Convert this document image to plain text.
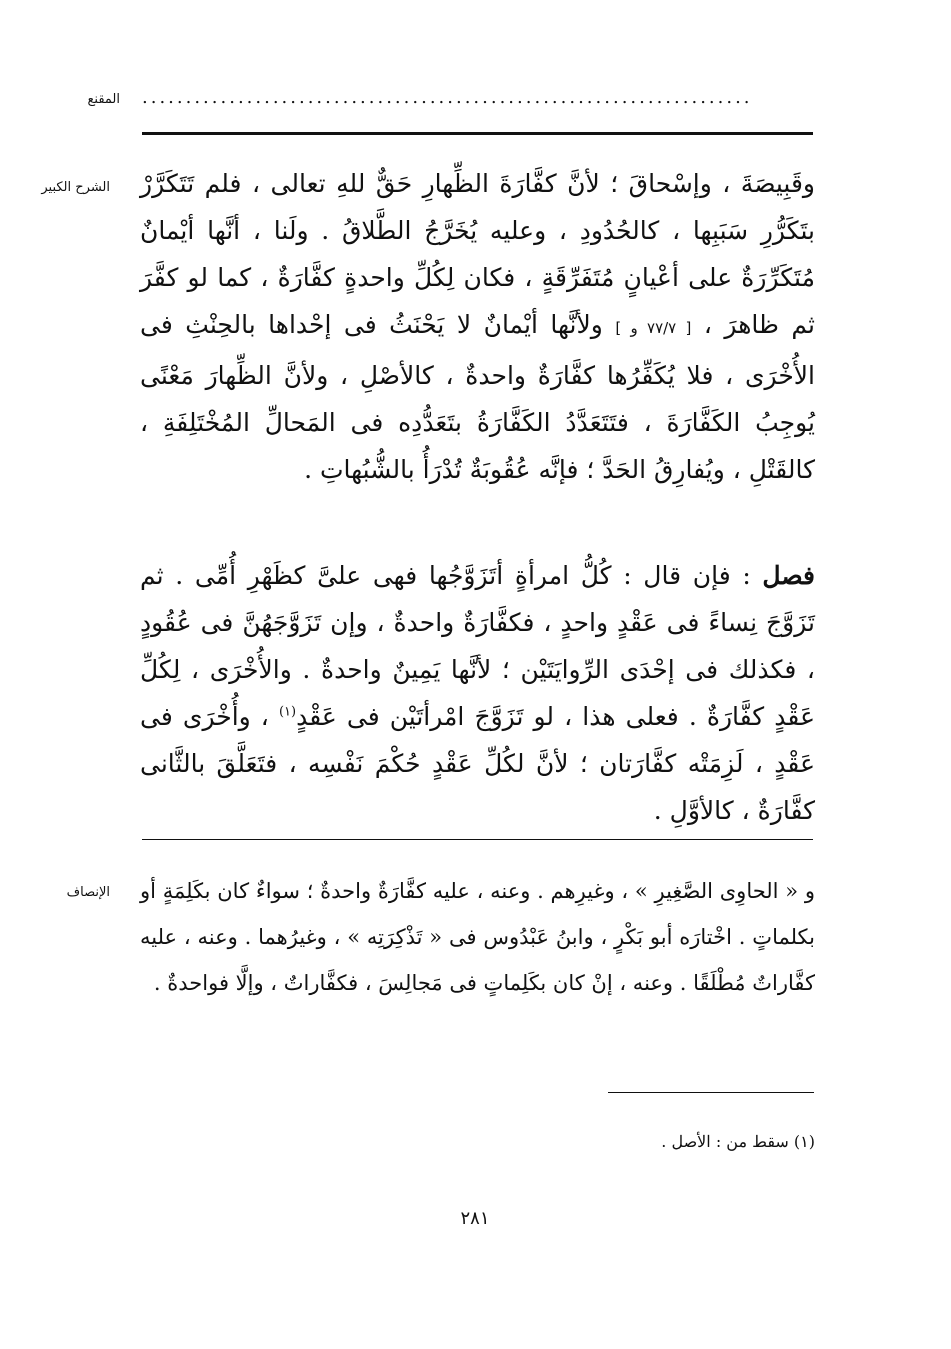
المقنع ......................................................................
الشرح الكبير
الإنصاف
وقَبِيصَةَ ، وإسْحاقَ ؛ لأنَّ كفَّارَةَ الظِّهارِ حَقٌّ للهِ تعالى ، فلم تَتَكَرَّرْ بتَكَرُّرِ سَبَبِها ، كالحُدُودِ ، وعليه يُخَرَّجُ الطَّلاقُ . ولَنا ، أنَّها أيْمانٌ مُتَكَرِّرَةٌ على أعْيانٍ مُتَفَرِّقَةٍ ، فكان لِكُلِّ واحدةٍ كفَّارَةٌ ، كما لو كفَّرَ ثم ظاهرَ ، [ ٧٧/٧ و ] ولأنَّها أيْمانٌ لا يَحْنَثُ فى إحْداها بالحِنْثِ فى الأُخْرَى ، فلا يُكَفِّرُها كفَّارَةٌ واحدةٌ ، كالأصْلِ ، ولأنَّ الظِّهارَ مَعْنًى يُوجِبُ الكَفَّارَةَ ، فتَتَعَدَّدُ الكَفَّارَةُ بتَعَدُّدِه فى المَحالِّ المُخْتَلِفَةِ ، كالقَتْلِ ، ويُفارِقُ الحَدَّ ؛ فإنَّه عُقُوبَةٌ تُدْرَأُ بالشُّبُهاتِ .
فصل : فإن قال : كُلُّ امرأةٍ أتَزَوَّجُها فهى علىَّ كظَهْرِ أُمِّى . ثم تَزَوَّجَ نِساءً فى عَقْدٍ واحدٍ ، فكفَّارَةٌ واحدةٌ ، وإن تَزَوَّجَهُنَّ فى عُقُودٍ ، فكذلك فى إحْدَى الرِّوايَتَيْن ؛ لأنَّها يَمِينٌ واحدةٌ . والأُخْرَى ، لِكُلِّ عَقْدٍ كفَّارَةٌ . فعلى هذا ، لو تَزَوَّجَ امْرأتَيْن فى عَقْدٍ$^{(١)}$ ، وأُخْرَى فى عَقْدٍ ، لَزِمَتْه كفَّارَتان ؛ لأنَّ لكُلِّ عَقْدٍ حُكْمَ نَفْسِه ، فتَعَلَّقَ بالثَّانى كفَّارَةٌ ، كالأوَّلِ .
و « الحاوِى الصَّغِيرِ » ، وغيرِهم . وعنه ، عليه كفَّارَةٌ واحدةٌ ؛ سواءٌ كان بكَلِمَةٍ أو بكلماتٍ . اخْتارَه أبو بَكْرٍ ، وابنُ عَبْدُوس فى « تَذْكِرَتِه » ، وغيرُهما . وعنه ، عليه كفَّاراتٌ مُطْلَقًا . وعنه ، إنْ كان بكَلِماتٍ فى مَجالِسَ ، فكفَّاراتٌ ، وإلَّا فواحدةٌ .
(١) سقط من : الأصل .
٢٨١
